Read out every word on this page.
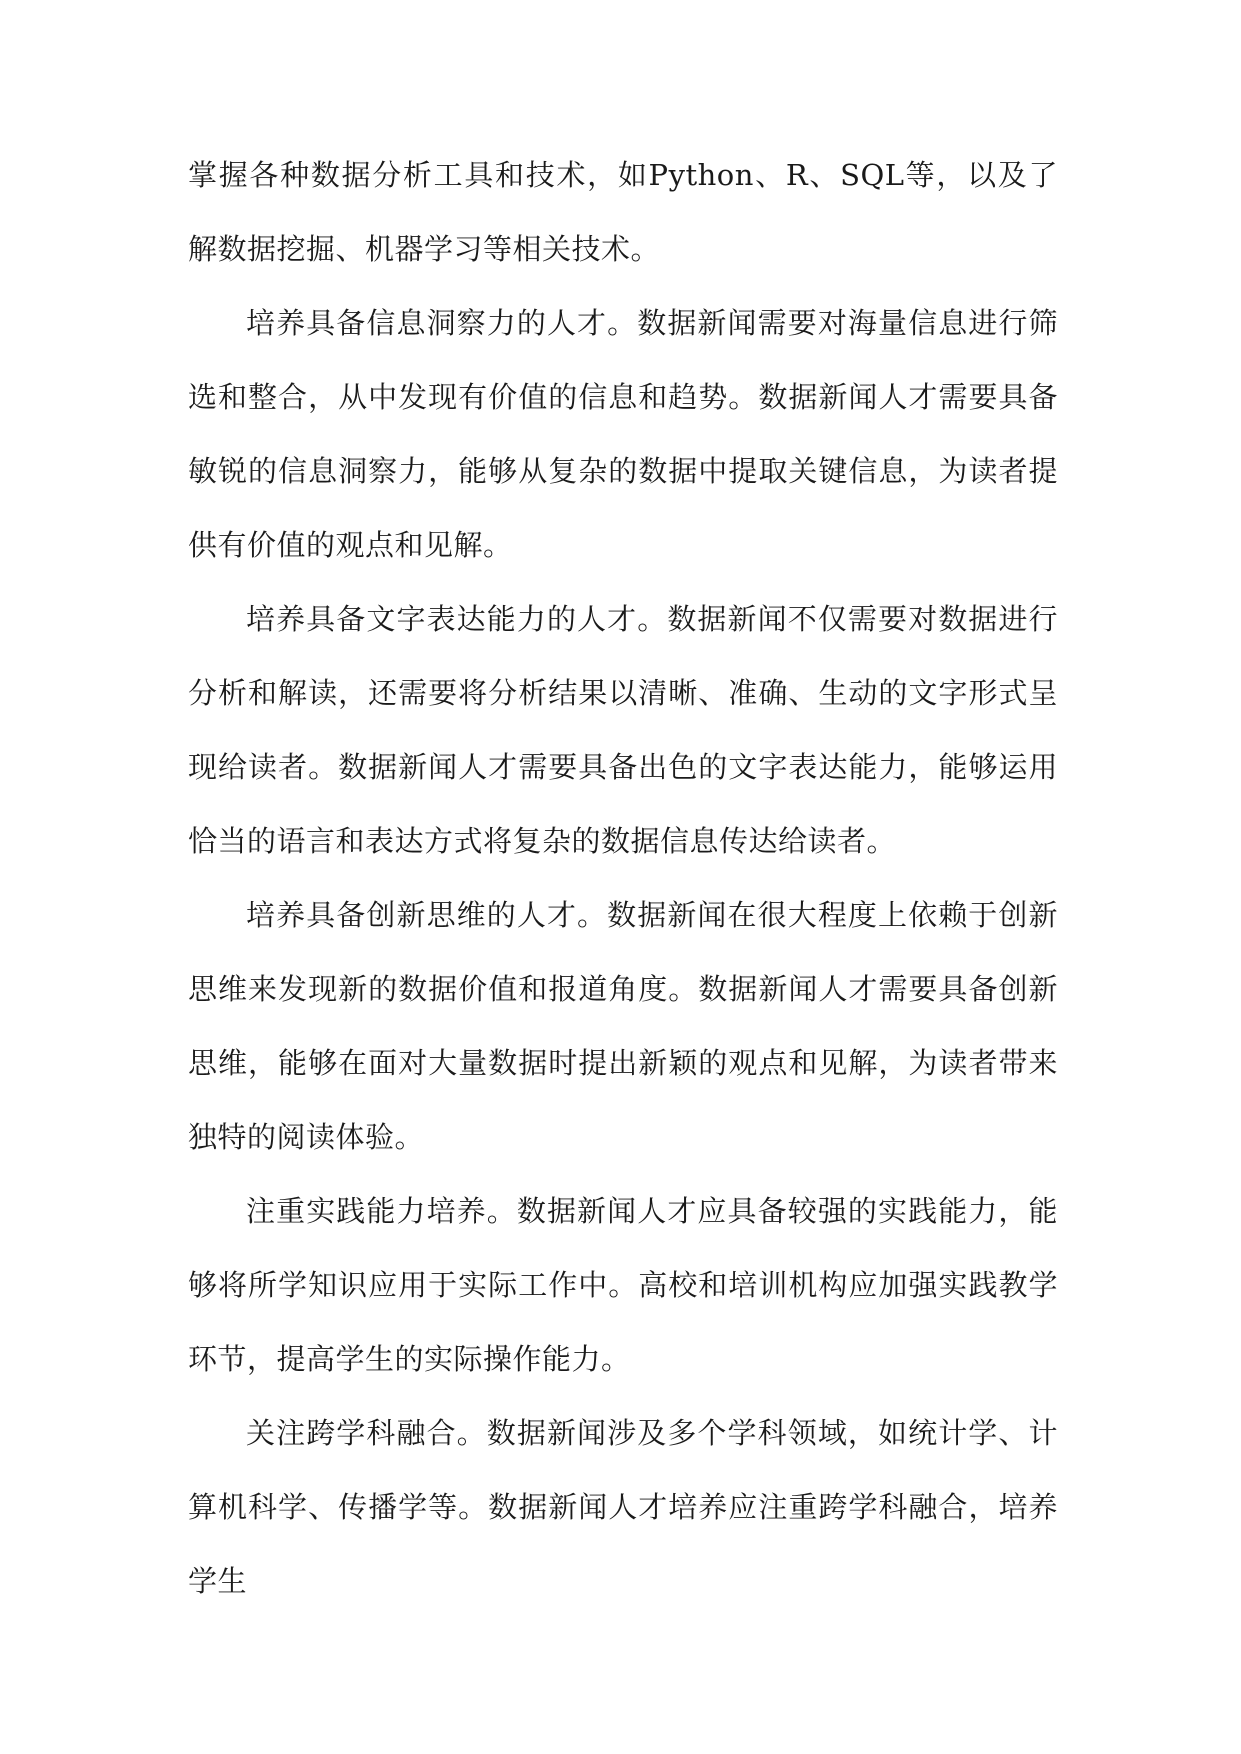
掌握各种数据分析工具和技术，如Python、R、SQL等，以及了解数据挖掘、机器学习等相关技术。

培养具备信息洞察力的人才。数据新闻需要对海量信息进行筛选和整合，从中发现有价值的信息和趋势。数据新闻人才需要具备敏锐的信息洞察力，能够从复杂的数据中提取关键信息，为读者提供有价值的观点和见解。

培养具备文字表达能力的人才。数据新闻不仅需要对数据进行分析和解读，还需要将分析结果以清晰、准确、生动的文字形式呈现给读者。数据新闻人才需要具备出色的文字表达能力，能够运用恰当的语言和表达方式将复杂的数据信息传达给读者。

培养具备创新思维的人才。数据新闻在很大程度上依赖于创新思维来发现新的数据价值和报道角度。数据新闻人才需要具备创新思维，能够在面对大量数据时提出新颖的观点和见解，为读者带来独特的阅读体验。

注重实践能力培养。数据新闻人才应具备较强的实践能力，能够将所学知识应用于实际工作中。高校和培训机构应加强实践教学环节，提高学生的实际操作能力。

关注跨学科融合。数据新闻涉及多个学科领域，如统计学、计算机科学、传播学等。数据新闻人才培养应注重跨学科融合，培养学生
